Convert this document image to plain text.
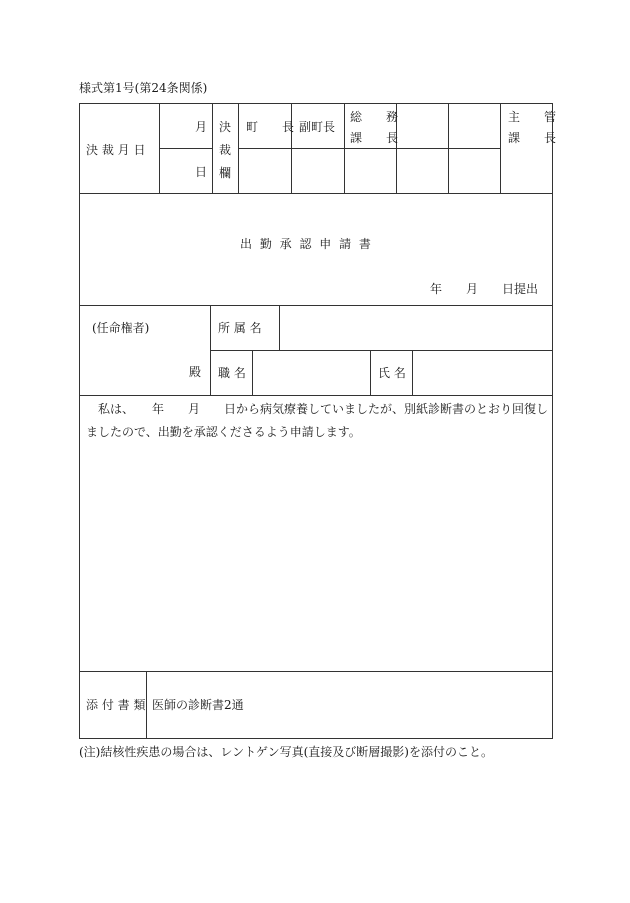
様式第1号(第24条関係)
決 裁 月 日
月
日
決
裁
欄
町　　長 副町長
総　　務
課　　長
主　　管
課　　長
出 勤 承 認 申 請 書
年　　月　　日提出
(任命権者)
殿
所 属 名
職 名	氏 名
　私は、　　年　　月　　日から病気療養していましたが、別紙診断書のとおり回復しましたので、出勤を承認くださるよう申請します。
添 付 書 類 医師の診断書2通
(注)結核性疾患の場合は、レントゲン写真(直接及び断層撮影)を添付のこと。
